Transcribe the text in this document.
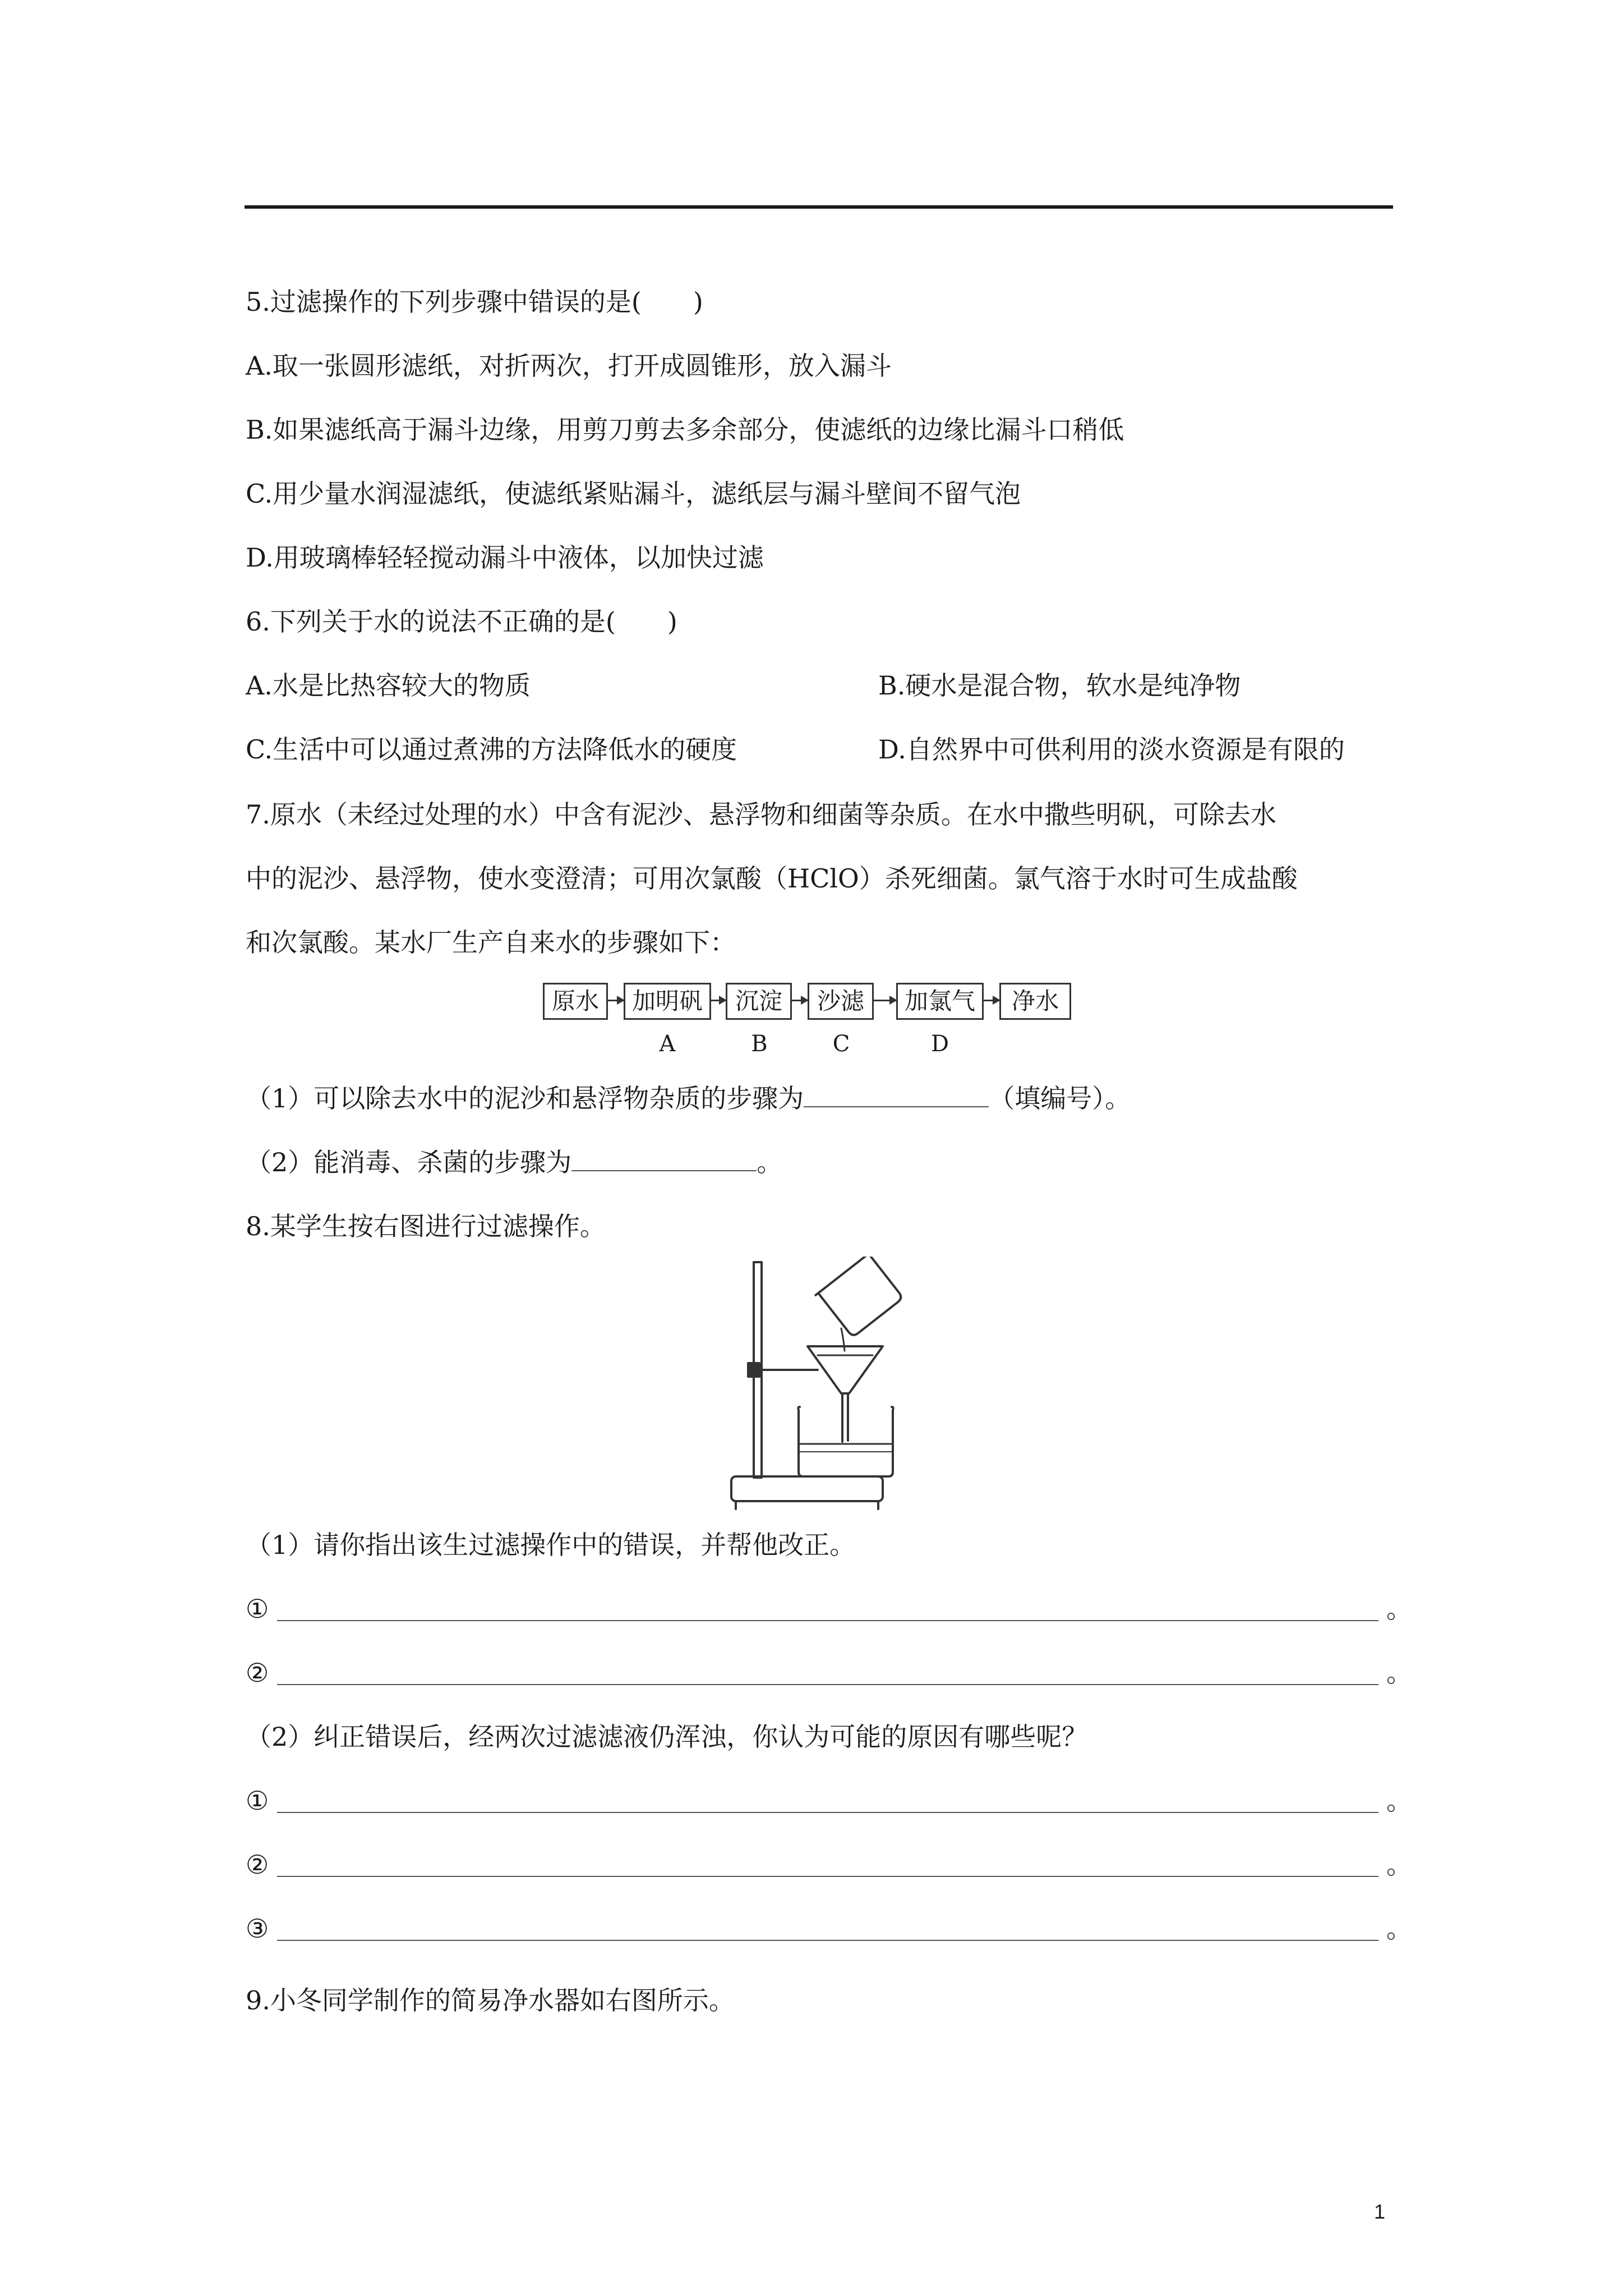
5.过滤操作的下列步骤中错误的是(　　)
A.取一张圆形滤纸，对折两次，打开成圆锥形，放入漏斗
B.如果滤纸高于漏斗边缘，用剪刀剪去多余部分，使滤纸的边缘比漏斗口稍低
C.用少量水润湿滤纸，使滤纸紧贴漏斗，滤纸层与漏斗壁间不留气泡
D.用玻璃棒轻轻搅动漏斗中液体，以加快过滤
6.下列关于水的说法不正确的是(　　)
A.水是比热容较大的物质	B.硬水是混合物，软水是纯净物
C.生活中可以通过煮沸的方法降低水的硬度	D.自然界中可供利用的淡水资源是有限的
7.原水（未经过处理的水）中含有泥沙、悬浮物和细菌等杂质。在水中撒些明矾，可除去水
中的泥沙、悬浮物，使水变澄清；可用次氯酸（HClO）杀死细菌。氯气溶于水时可生成盐酸
和次氯酸。某水厂生产自来水的步骤如下：
原水	加明矾	沉淀	沙滤	加氯气	净水
A	B	C	D
（1）可以除去水中的泥沙和悬浮物杂质的步骤为	（填编号）。
（2）能消毒、杀菌的步骤为	。
8.某学生按右图进行过滤操作。
（1）请你指出该生过滤操作中的错误，并帮他改正。
①	。
②	。
（2）纠正错误后，经两次过滤滤液仍浑浊，你认为可能的原因有哪些呢？
①	。
②	。
③	。
9.小冬同学制作的简易净水器如右图所示。
1
